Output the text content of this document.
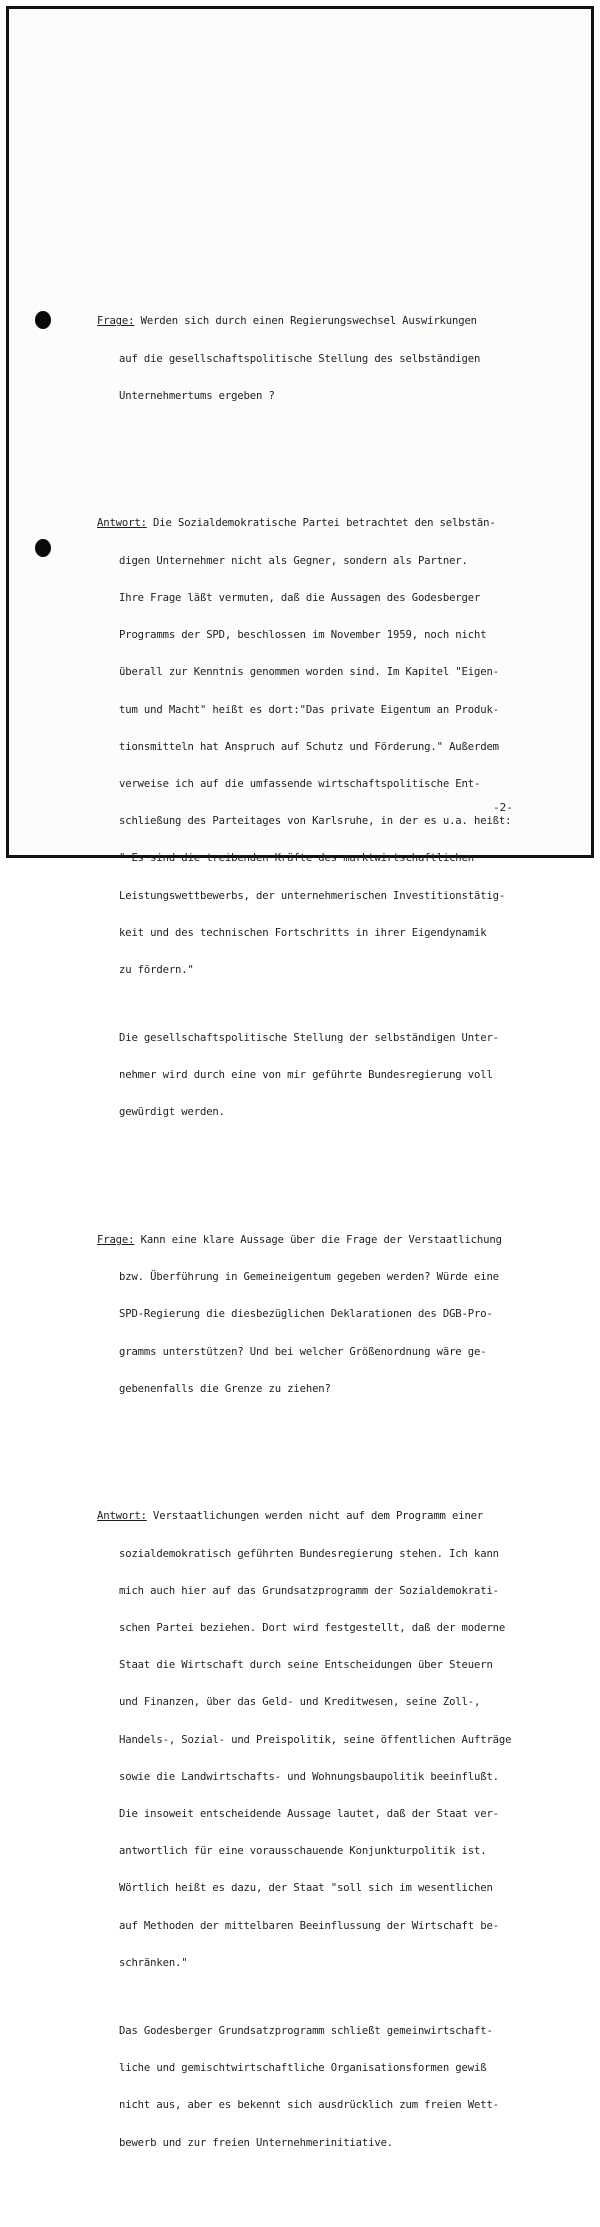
Frage: Werden sich durch einen Regierungswechsel Auswirkungen

auf die gesellschaftspolitische Stellung des selbständigen

Unternehmertums ergeben ?

Antwort: Die Sozialdemokratische Partei betrachtet den selbstän-

digen Unternehmer nicht als Gegner, sondern als Partner.

Ihre Frage läßt vermuten, daß die Aussagen des Godesberger

Programms der SPD, beschlossen im November 1959, noch nicht

überall zur Kenntnis genommen worden sind. Im Kapitel "Eigen-

tum und Macht" heißt es dort:"Das private Eigentum an Produk-

tionsmitteln hat Anspruch auf Schutz und Förderung." Außerdem

verweise ich auf die umfassende wirtschaftspolitische Ent-

schließung des Parteitages von Karlsruhe, in der es u.a. heißt:

" Es sind die treibenden Kräfte des marktwirtschaftlichen

Leistungswettbewerbs, der unternehmerischen Investitionstätig-

keit und des technischen Fortschritts in ihrer Eigendynamik

zu fördern."

Die gesellschaftspolitische Stellung der selbständigen Unter-

nehmer wird durch eine von mir geführte Bundesregierung voll

gewürdigt werden.

Frage: Kann eine klare Aussage über die Frage der Verstaatlichung

bzw. Überführung in Gemeineigentum gegeben werden? Würde eine

SPD-Regierung die diesbezüglichen Deklarationen des DGB-Pro-

gramms unterstützen? Und bei welcher Größenordnung wäre ge-

gebenenfalls die Grenze zu ziehen?

Antwort: Verstaatlichungen werden nicht auf dem Programm einer

sozialdemokratisch geführten Bundesregierung stehen. Ich kann

mich auch hier auf das Grundsatzprogramm der Sozialdemokrati-

schen Partei beziehen. Dort wird festgestellt, daß der moderne

Staat die Wirtschaft durch seine Entscheidungen über Steuern

und Finanzen, über das Geld- und Kreditwesen, seine Zoll-,

Handels-, Sozial- und Preispolitik, seine öffentlichen Aufträge

sowie die Landwirtschafts- und Wohnungsbaupolitik beeinflußt.

Die insoweit entscheidende Aussage lautet, daß der Staat ver-

antwortlich für eine vorausschauende Konjunkturpolitik ist.

Wörtlich heißt es dazu, der Staat "soll sich im wesentlichen

auf Methoden der mittelbaren Beeinflussung der Wirtschaft be-

schränken."

Das Godesberger Grundsatzprogramm schließt gemeinwirtschaft-

liche und gemischtwirtschaftliche Organisationsformen gewiß

nicht aus, aber es bekennt sich ausdrücklich zum freien Wett-

bewerb und zur freien Unternehmerinitiative.

-2-
